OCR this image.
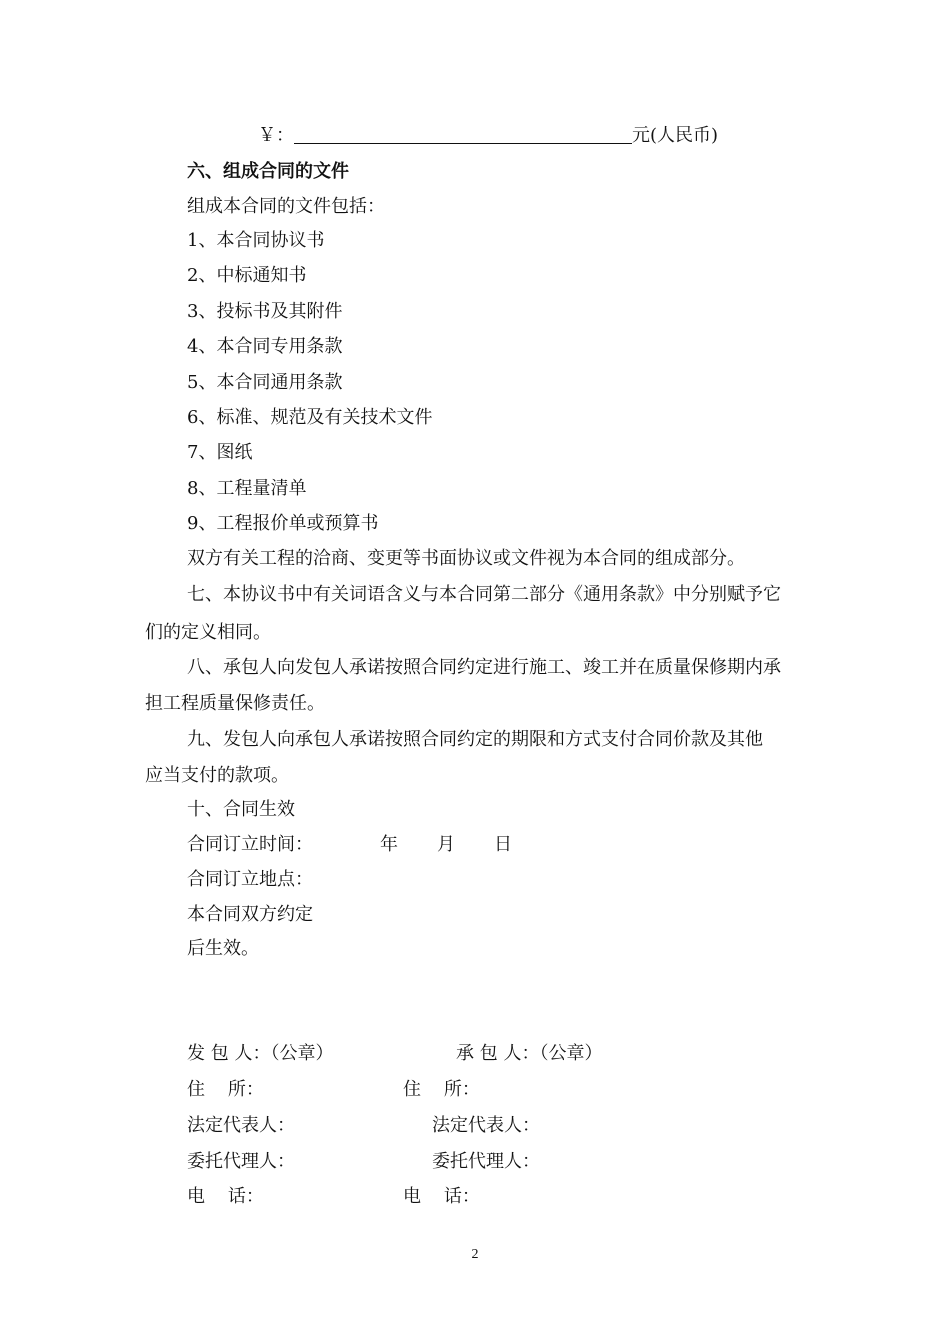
￥：	元(人民币)
六、组成合同的文件
组成本合同的文件包括：
1、本合同协议书
2、中标通知书
3、投标书及其附件
4、本合同专用条款
5、本合同通用条款
6、标准、规范及有关技术文件
7、图纸
8、工程量清单
9、工程报价单或预算书
双方有关工程的洽商、变更等书面协议或文件视为本合同的组成部分。
七、本协议书中有关词语含义与本合同第二部分《通用条款》中分别赋予它
们的定义相同。
八、承包人向发包人承诺按照合同约定进行施工、竣工并在质量保修期内承
担工程质量保修责任。
九、发包人向承包人承诺按照合同约定的期限和方式支付合同价款及其他
应当支付的款项。
十、合同生效
合同订立时间：	年 月 日
合同订立地点：
本合同双方约定
后生效。
发 包 人：（公章）
住    所：
法定代表人：
委托代理人：
电    话：
承 包 人：（公章）
住    所：
法定代表人：
委托代理人：
电    话：
2
